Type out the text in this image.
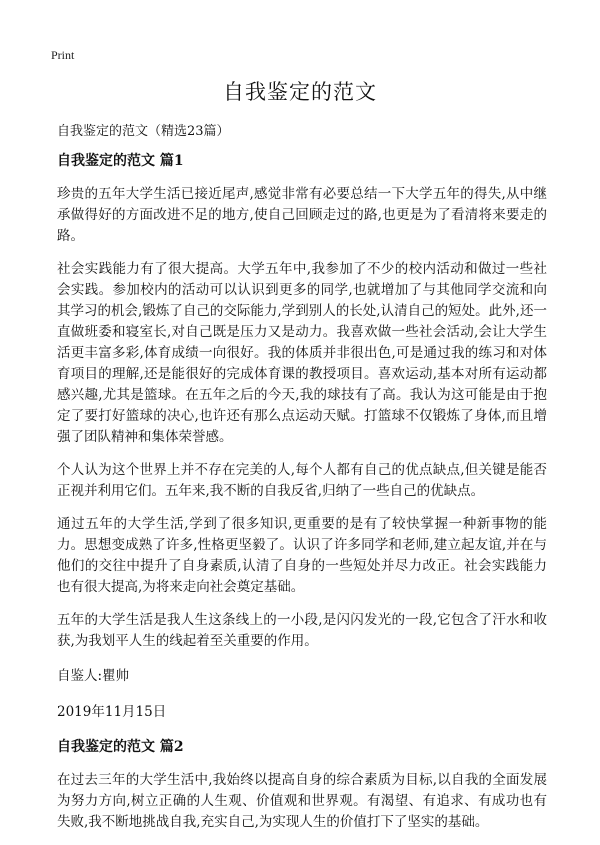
Print
自我鉴定的范文
自我鉴定的范文（精选23篇）
自我鉴定的范文 篇1

珍贵的五年大学生活已接近尾声,感觉非常有必要总结一下大学五年的得失,从中继承做得好的方面改进不足的地方,使自己回顾走过的路,也更是为了看清将来要走的路。

社会实践能力有了很大提高。大学五年中,我参加了不少的校内活动和做过一些社会实践。参加校内的活动可以认识到更多的同学,也就增加了与其他同学交流和向其学习的机会,锻炼了自己的交际能力,学到别人的长处,认清自己的短处。此外,还一直做班委和寝室长,对自己既是压力又是动力。我喜欢做一些社会活动,会让大学生活更丰富多彩,体育成绩一向很好。我的体质并非很出色,可是通过我的练习和对体育项目的理解,还是能很好的完成体育课的教授项目。喜欢运动,基本对所有运动都感兴趣,尤其是篮球。在五年之后的今天,我的球技有了高。我认为这可能是由于抱定了要打好篮球的决心,也许还有那么点运动天赋。打篮球不仅锻炼了身体,而且增强了团队精神和集体荣誉感。

个人认为这个世界上并不存在完美的人,每个人都有自己的优点缺点,但关键是能否正视并利用它们。五年来,我不断的自我反省,归纳了一些自己的优缺点。

通过五年的大学生活,学到了很多知识,更重要的是有了较快掌握一种新事物的能力。思想变成熟了许多,性格更坚毅了。认识了许多同学和老师,建立起友谊,并在与他们的交往中提升了自身素质,认清了自身的一些短处并尽力改正。社会实践能力也有很大提高,为将来走向社会奠定基础。

五年的大学生活是我人生这条线上的一小段,是闪闪发光的一段,它包含了汗水和收获,为我划平人生的线起着至关重要的作用。

自鉴人:瞿帅

2019年11月15日

自我鉴定的范文 篇2

在过去三年的大学生活中,我始终以提高自身的综合素质为目标,以自我的全面发展为努力方向,树立正确的人生观、价值观和世界观。有渴望、有追求、有成功也有失败,我不断地挑战自我,充实自己,为实现人生的价值打下了坚实的基础。
